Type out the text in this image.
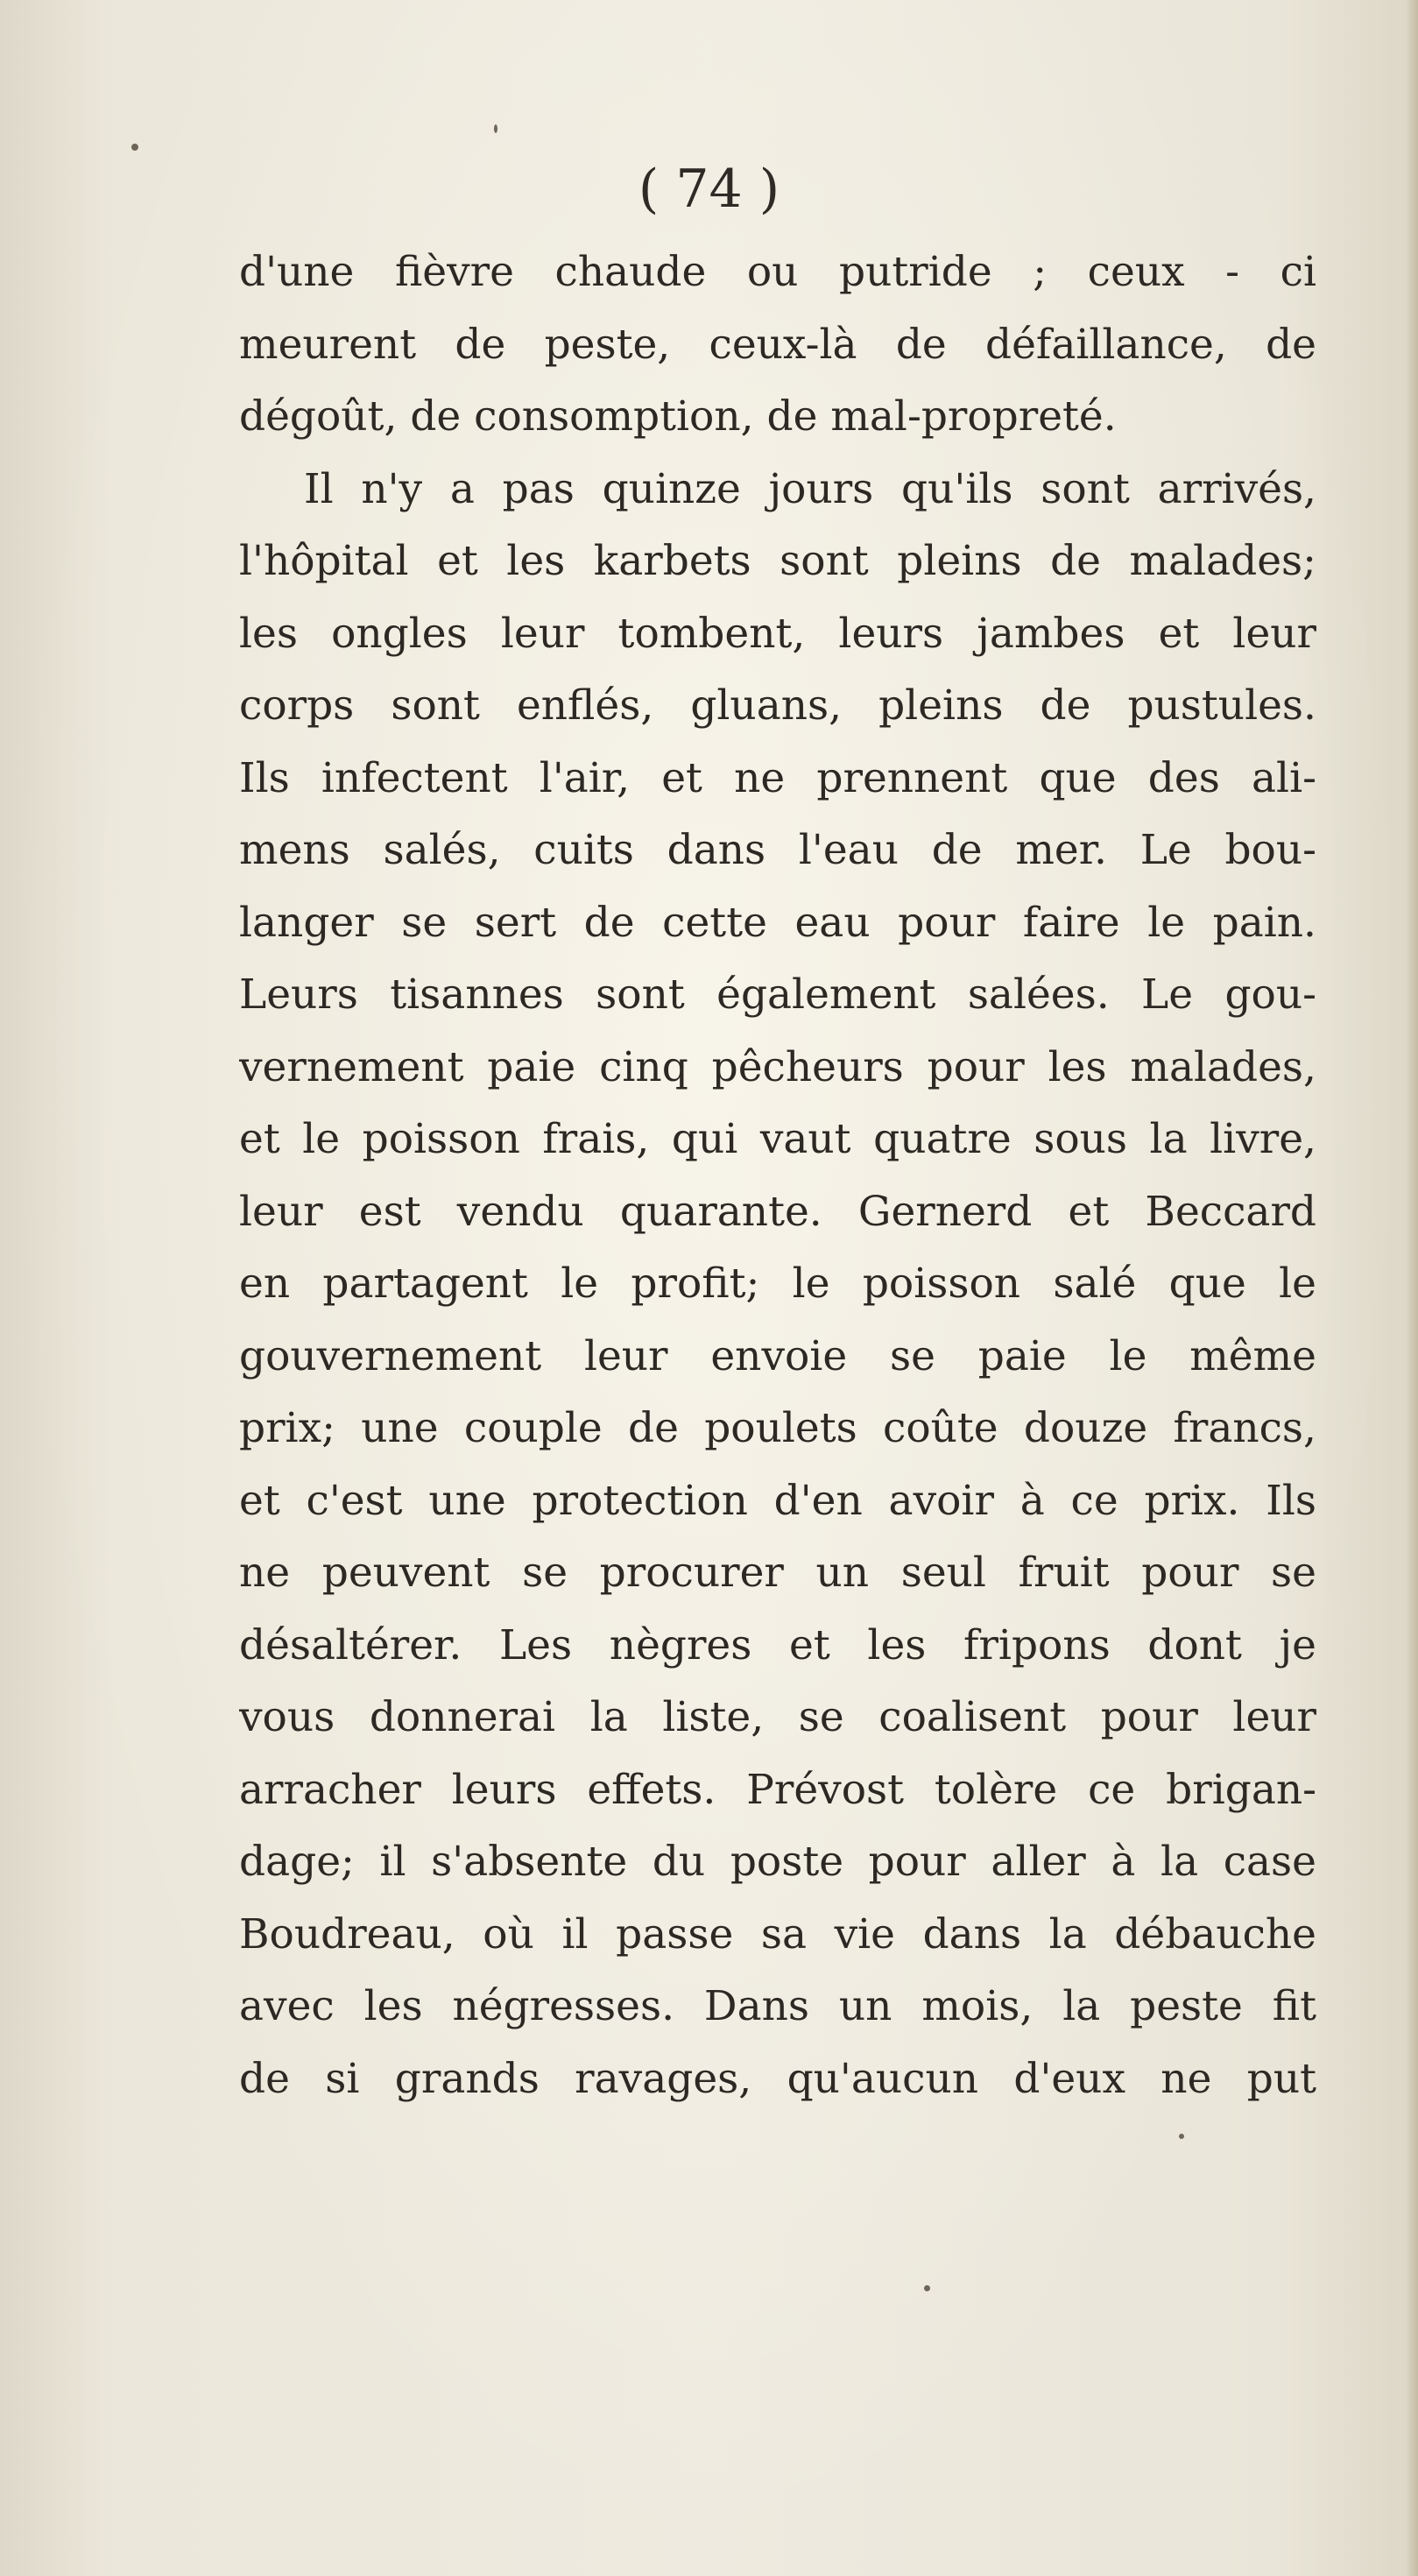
( 74 )
d'une fièvre chaude ou putride ; ceux - ci
meurent de peste, ceux-là de défaillance, de
dégoût, de consomption, de mal-propreté.
Il n'y a pas quinze jours qu'ils sont arrivés,
l'hôpital et les karbets sont pleins de malades;
les ongles leur tombent, leurs jambes et leur
corps sont enflés, gluans, pleins de pustules.
Ils infectent l'air, et ne prennent que des ali-
mens salés, cuits dans l'eau de mer. Le bou-
langer se sert de cette eau pour faire le pain.
Leurs tisannes sont également salées. Le gou-
vernement paie cinq pêcheurs pour les malades,
et le poisson frais, qui vaut quatre sous la livre,
leur est vendu quarante. Gernerd et Beccard
en partagent le profit; le poisson salé que le
gouvernement leur envoie se paie le même
prix; une couple de poulets coûte douze francs,
et c'est une protection d'en avoir à ce prix. Ils
ne peuvent se procurer un seul fruit pour se
désaltérer. Les nègres et les fripons dont je
vous donnerai la liste, se coalisent pour leur
arracher leurs effets. Prévost tolère ce brigan-
dage; il s'absente du poste pour aller à la case
Boudreau, où il passe sa vie dans la débauche
avec les négresses. Dans un mois, la peste fit
de si grands ravages, qu'aucun d'eux ne put
